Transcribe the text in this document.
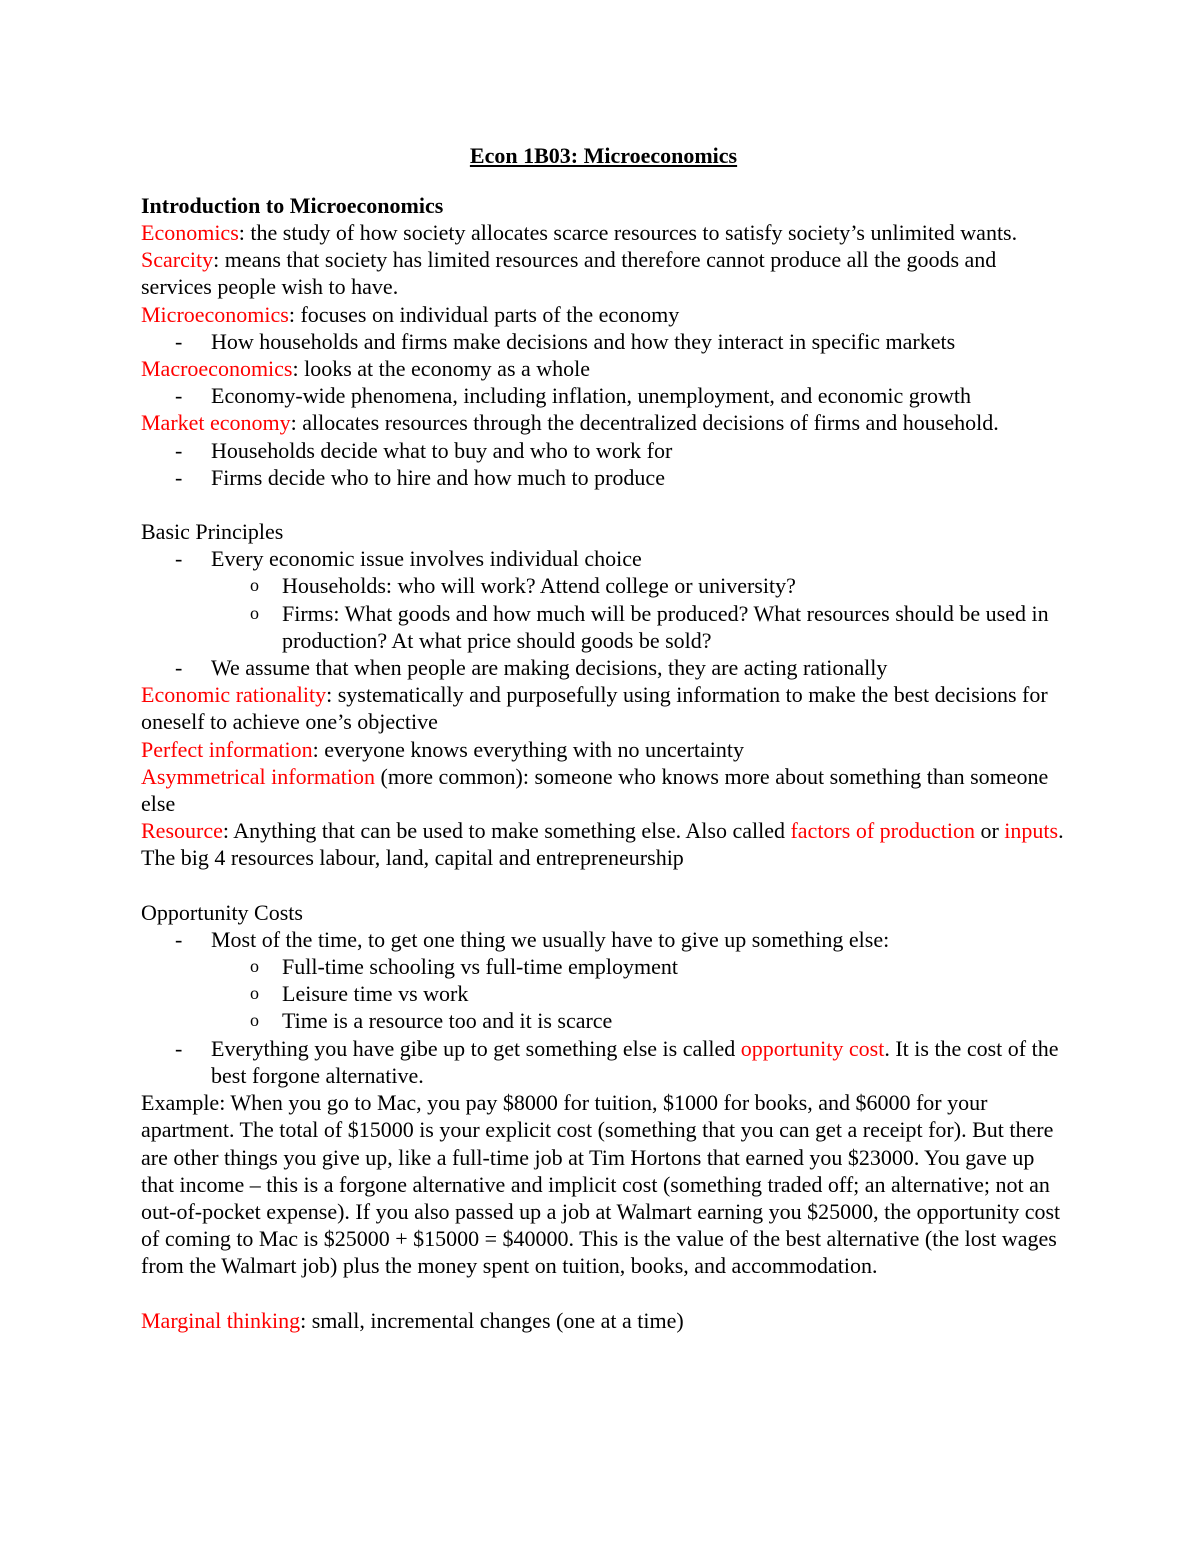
Econ 1B03: Microeconomics
Introduction to Microeconomics
Economics: the study of how society allocates scarce resources to satisfy society’s unlimited wants.
Scarcity: means that society has limited resources and therefore cannot produce all the goods and services people wish to have.
Microeconomics: focuses on individual parts of the economy
- How households and firms make decisions and how they interact in specific markets
Macroeconomics: looks at the economy as a whole
- Economy-wide phenomena, including inflation, unemployment, and economic growth
Market economy: allocates resources through the decentralized decisions of firms and household.
- Households decide what to buy and who to work for
- Firms decide who to hire and how much to produce
Basic Principles
- Every economic issue involves individual choice
o Households: who will work? Attend college or university?
o Firms: What goods and how much will be produced? What resources should be used in production? At what price should goods be sold?
- We assume that when people are making decisions, they are acting rationally
Economic rationality: systematically and purposefully using information to make the best decisions for oneself to achieve one’s objective
Perfect information: everyone knows everything with no uncertainty
Asymmetrical information (more common): someone who knows more about something than someone else
Resource: Anything that can be used to make something else. Also called factors of production or inputs. The big 4 resources labour, land, capital and entrepreneurship
Opportunity Costs
- Most of the time, to get one thing we usually have to give up something else:
o Full-time schooling vs full-time employment
o Leisure time vs work
o Time is a resource too and it is scarce
- Everything you have gibe up to get something else is called opportunity cost. It is the cost of the best forgone alternative.
Example: When you go to Mac, you pay $8000 for tuition, $1000 for books, and $6000 for your apartment. The total of $15000 is your explicit cost (something that you can get a receipt for). But there are other things you give up, like a full-time job at Tim Hortons that earned you $23000. You gave up that income – this is a forgone alternative and implicit cost (something traded off; an alternative; not an out-of-pocket expense). If you also passed up a job at Walmart earning you $25000, the opportunity cost of coming to Mac is $25000 + $15000 = $40000. This is the value of the best alternative (the lost wages from the Walmart job) plus the money spent on tuition, books, and accommodation.
Marginal thinking: small, incremental changes (one at a time)
